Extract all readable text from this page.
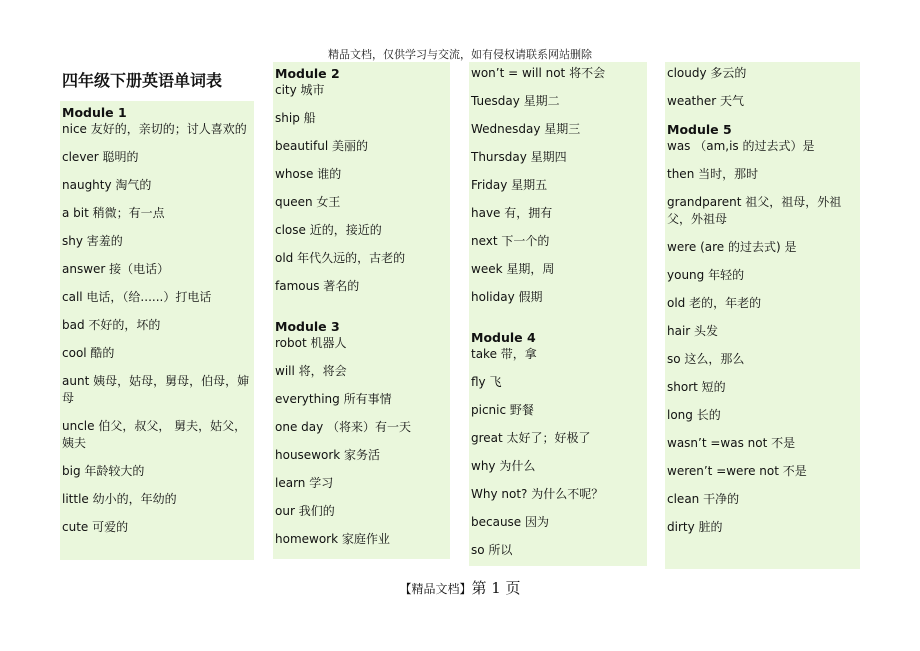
精品文档，仅供学习与交流，如有侵权请联系网站删除
四年级下册英语单词表
Module 1
nice 友好的，亲切的；讨人喜欢的
clever 聪明的
naughty 淘气的
a bit 稍微；有一点
shy 害羞的
answer 接（电话）
call 电话，（给......）打电话
bad 不好的，坏的
cool 酷的
aunt 姨母，姑母，舅母，伯母，婶母
uncle 伯父，叔父， 舅夫，姑父，姨夫
big 年龄较大的
little 幼小的，年幼的
cute 可爱的
Module 2
city 城市
ship 船
beautiful 美丽的
whose 谁的
queen 女王
close 近的，接近的
old 年代久远的，古老的
famous 著名的
Module 3
robot 机器人
will 将，将会
everything 所有事情
one day （将来）有一天
housework 家务活
learn 学习
our 我们的
homework 家庭作业
won’t = will not 将不会
Tuesday 星期二
Wednesday 星期三
Thursday 星期四
Friday 星期五
have 有，拥有
next 下一个的
week 星期，周
holiday 假期
Module 4
take 带，拿
fly 飞
picnic 野餐
great 太好了；好极了
why 为什么
Why not? 为什么不呢？
because 因为
so 所以
cloudy 多云的
weather 天气
Module 5
was （am,is 的过去式）是
then 当时，那时
grandparent 祖父，祖母，外祖父，外祖母
were (are 的过去式) 是
young 年轻的
old 老的，年老的
hair 头发
so 这么，那么
short 短的
long 长的
wasn’t =was not 不是
weren’t =were not 不是
clean 干净的
dirty 脏的
【精品文档】第 1 页
